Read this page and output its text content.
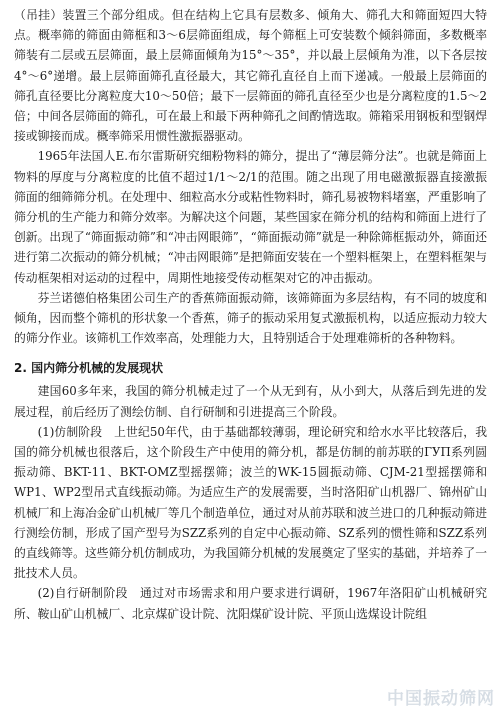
（吊挂）装置三个部分组成。但在结构上它具有层数多、倾角大、筛孔大和筛面短四大特点。概率筛的筛面由筛框和3～6层筛面组成，每个筛框上可安装数个倾斜筛面，多数概率筛装有二层或五层筛面，最上层筛面倾角为15°～35°，并以最上层倾角为准，以下各层按4°～6°递增。最上层筛面筛孔直径最大，其它筛孔直径自上而下递减。一般最上层筛面的筛孔直径要比分离粒度大10～50倍；最下一层筛面的筛孔直径至少也是分离粒度的1.5～2倍；中间各层筛面的筛孔，可在最上和最下两种筛孔之间酌情选取。筛箱采用钢板和型钢焊接或铆接而成。概率筛采用惯性激振器驱动。

1965年法国人E.布尔雷斯研究细粉物料的筛分，提出了“薄层筛分法”。也就是筛面上物料的厚度与分离粒度的比值不超过1/1～2/1的范围。随之出现了用电磁激振器直接激振筛面的细筛筛分机。在处理中、细粒高水分或粘性物料时，筛孔易被物料堵塞，严重影响了筛分机的生产能力和筛分效率。为解决这个问题，某些国家在筛分机的结构和筛面上进行了创新。出现了“筛面振动筛”和“冲击网眼筛”，“筛面振动筛”就是一种除筛框振动外，筛面还进行第二次振动的筛分机械；“冲击网眼筛”是把筛面安装在一个塑料框架上，在塑料框架与传动框架相对运动的过程中，周期性地接受传动框架对它的冲击振动。

芬兰诺德伯格集团公司生产的香蕉筛面振动筛，该筛筛面为多层结构，有不同的坡度和倾角，因而整个筛机的形状象一个香蕉，筛子的振动采用复式激振机构，以适应振动力较大的筛分作业。该筛机工作效率高，处理能力大，且特别适合于处理难筛析的各种物料。

2. 国内筛分机械的发展现状

建国60多年来，我国的筛分机械走过了一个从无到有，从小到大，从落后到先进的发展过程，前后经历了测绘仿制、自行研制和引进提高三个阶段。

(1)仿制阶段　上世纪50年代，由于基础都较薄弱，理论研究和给水水平比较落后，我国的筛分机械也很落后，这个阶段生产中使用的筛分机，都是仿制的前苏联的ГУП系列圆振动筛、BKT-11、BKT-OMZ型摇摆筛；波兰的WK-15圆振动筛、CJM-21型摇摆筛和WP1、WP2型吊式直线振动筛。为适应生产的发展需要，当时洛阳矿山机器厂、锦州矿山机械厂和上海冶金矿山机械厂等几个制造单位，通过对从前苏联和波兰进口的几种振动筛进行测绘仿制，形成了国产型号为SZZ系列的自定中心振动筛、SZ系列的惯性筛和SZZ系列的直线筛等。这些筛分机仿制成功，为我国筛分机械的发展奠定了坚实的基础，并培养了一批技术人员。

(2)自行研制阶段　通过对市场需求和用户要求进行调研，1967年洛阳矿山机械研究所、鞍山矿山机械厂、北京煤矿设计院、沈阳煤矿设计院、平顶山选煤设计院组

中国振动筛网
